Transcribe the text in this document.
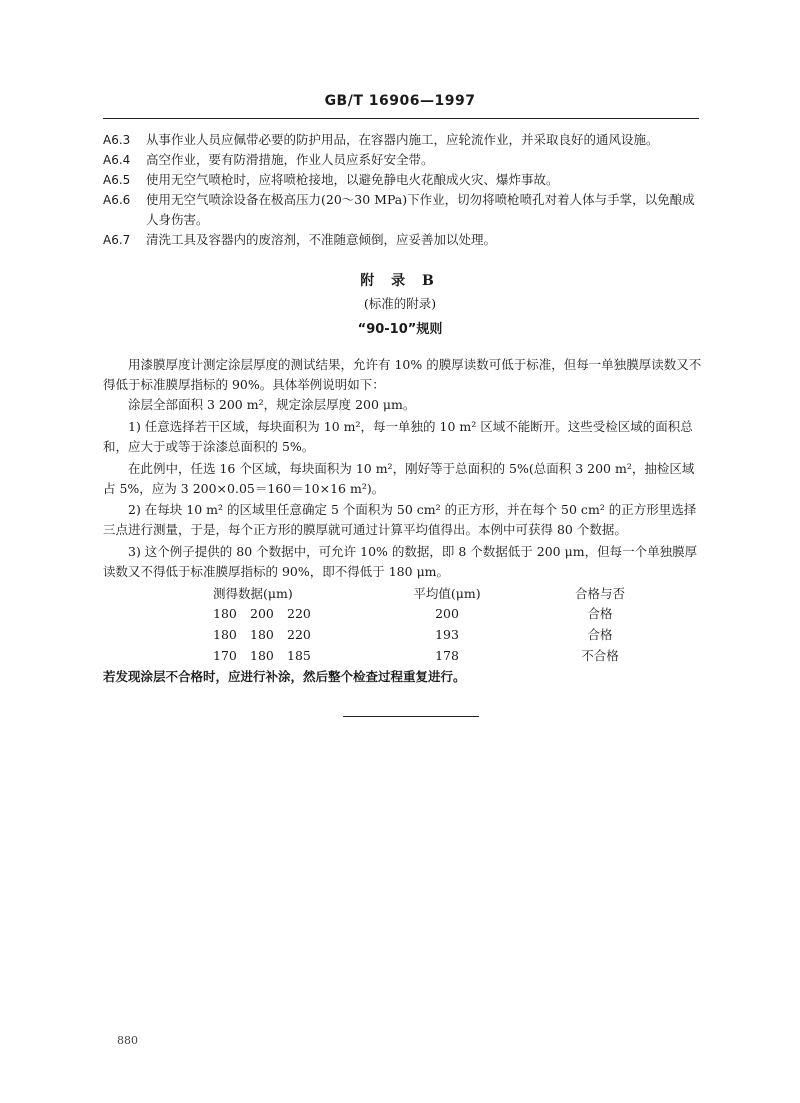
GB/T 16906—1997
A6.3	从事作业人员应佩带必要的防护用品，在容器内施工，应轮流作业，并采取良好的通风设施。
A6.4	高空作业，要有防滑措施，作业人员应系好安全带。
A6.5	使用无空气喷枪时，应将喷枪接地，以避免静电火花酿成火灾、爆炸事故。
A6.6	使用无空气喷涂设备在极高压力(20～30 MPa)下作业，切勿将喷枪喷孔对着人体与手掌，以免酿成人身伤害。
A6.7	清洗工具及容器内的废溶剂，不准随意倾倒，应妥善加以处理。
附 录 B
(标准的附录)
“90-10”规则
用漆膜厚度计测定涂层厚度的测试结果，允许有 10% 的膜厚读数可低于标准，但每一单独膜厚读数又不得低于标准膜厚指标的 90%。具体举例说明如下：
涂层全部面积 3 200 m²，规定涂层厚度 200 μm。
1) 任意选择若干区域，每块面积为 10 m²，每一单独的 10 m² 区域不能断开。这些受检区域的面积总和，应大于或等于涂漆总面积的 5%。
在此例中，任选 16 个区域，每块面积为 10 m²，刚好等于总面积的 5%(总面积 3 200 m²，抽检区域占 5%，应为 3 200×0.05＝160＝10×16 m²)。
2) 在每块 10 m² 的区域里任意确定 5 个面积为 50 cm² 的正方形，并在每个 50 cm² 的正方形里选择三点进行测量，于是，每个正方形的膜厚就可通过计算平均值得出。本例中可获得 80 个数据。
3) 这个例子提供的 80 个数据中，可允许 10% 的数据，即 8 个数据低于 200 μm，但每一个单独膜厚读数又不得低于标准膜厚指标的 90%，即不得低于 180 μm。
测得数据(μm)	平均值(μm)	合格与否
180 200 220	200	合格
180 180 220	193	合格
170 180 185	178	不合格
若发现涂层不合格时，应进行补涂，然后整个检查过程重复进行。
880
